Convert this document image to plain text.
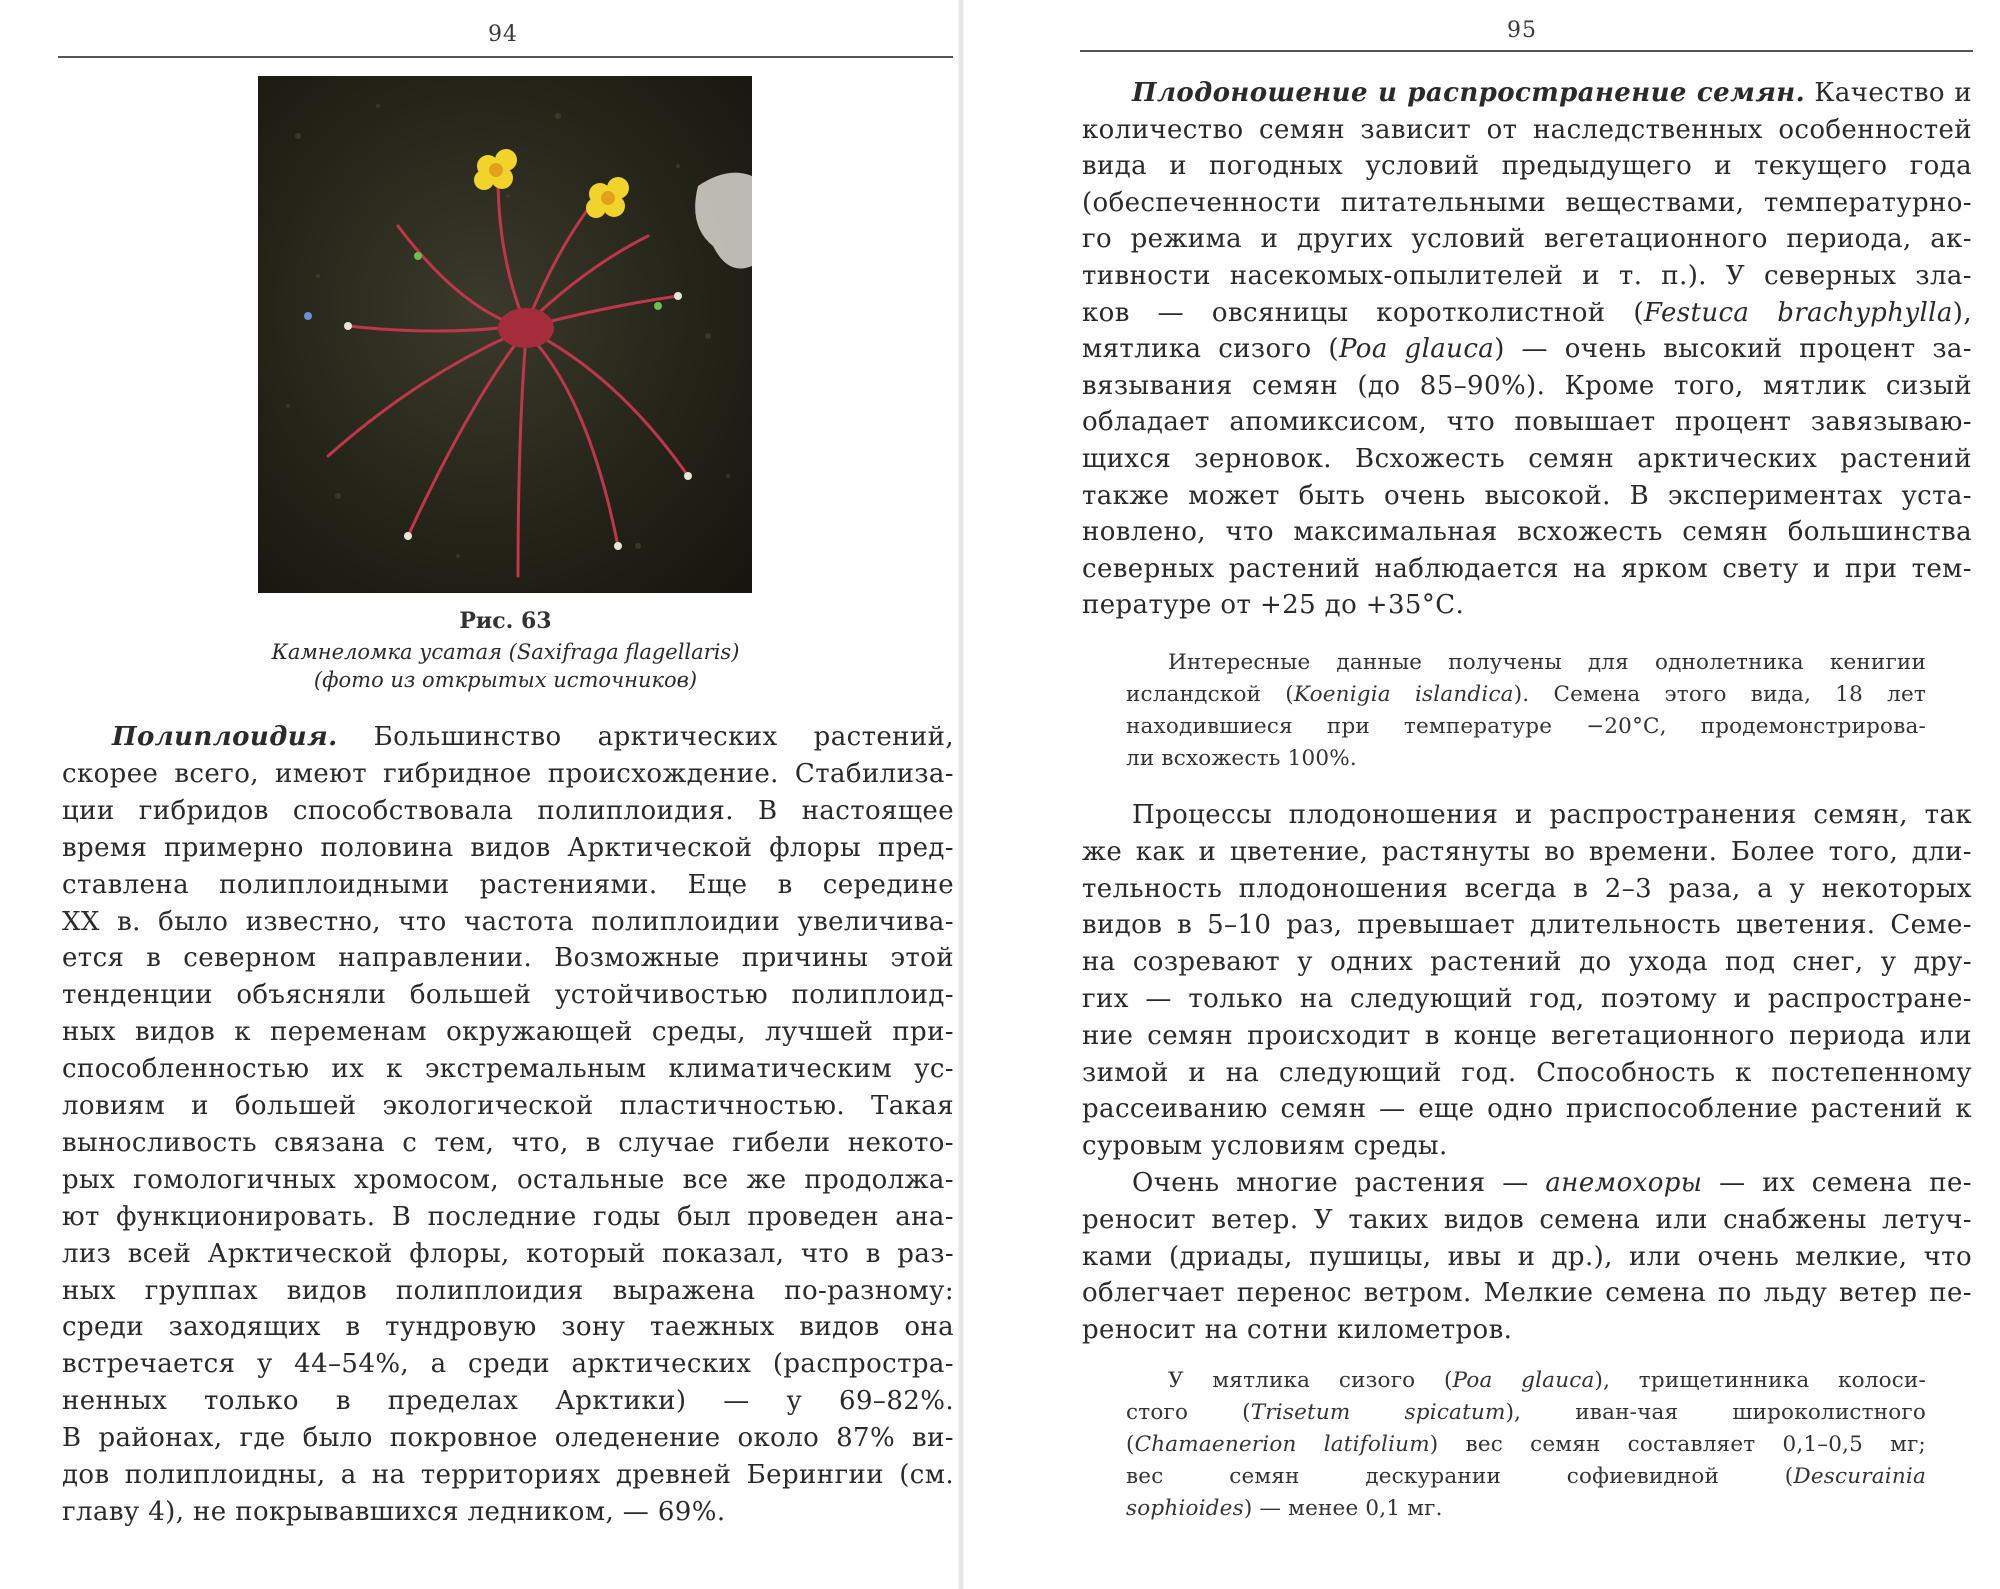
94
Рис. 63
Камнеломка усатая (Saxifraga flagellaris)
(фото из открытых источников)
Полиплоидия. Большинство арктических растений,
скорее всего, имеют гибридное происхождение. Стабилиза-
ции гибридов способствовала полиплоидия. В настоящее
время примерно половина видов Арктической флоры пред-
ставлена полиплоидными растениями. Еще в середине
XX в. было известно, что частота полиплоидии увеличива-
ется в северном направлении. Возможные причины этой
тенденции объясняли большей устойчивостью полиплоид-
ных видов к переменам окружающей среды, лучшей при-
способленностью их к экстремальным климатическим ус-
ловиям и большей экологической пластичностью. Такая
выносливость связана с тем, что, в случае гибели некото-
рых гомологичных хромосом, остальные все же продолжа-
ют функционировать. В последние годы был проведен ана-
лиз всей Арктической флоры, который показал, что в раз-
ных группах видов полиплоидия выражена по-разному:
среди заходящих в тундровую зону таежных видов она
встречается у 44–54%, а среди арктических (распростра-
ненных только в пределах Арктики) — у 69–82%.
В районах, где было покровное оледенение около 87% ви-
дов полиплоидны, а на территориях древней Берингии (см.
главу 4), не покрывавшихся ледником, — 69%.
95
Плодоношение и распространение семян. Качество и
количество семян зависит от наследственных особенностей
вида и погодных условий предыдущего и текущего года
(обеспеченности питательными веществами, температурно-
го режима и других условий вегетационного периода, ак-
тивности насекомых-опылителей и т. п.). У северных зла-
ков — овсяницы коротколистной (Festuca brachyphylla),
мятлика сизого (Poa glauca) — очень высокий процент за-
вязывания семян (до 85–90%). Кроме того, мятлик сизый
обладает апомиксисом, что повышает процент завязываю-
щихся зерновок. Всхожесть семян арктических растений
также может быть очень высокой. В экспериментах уста-
новлено, что максимальная всхожесть семян большинства
северных растений наблюдается на ярком свету и при тем-
пературе от +25 до +35°С.
Интересные данные получены для однолетника кенигии
исландской (Koenigia islandica). Семена этого вида, 18 лет
находившиеся при температуре −20°С, продемонстрирова-
ли всхожесть 100%.
Процессы плодоношения и распространения семян, так
же как и цветение, растянуты во времени. Более того, дли-
тельность плодоношения всегда в 2–3 раза, а у некоторых
видов в 5–10 раз, превышает длительность цветения. Семе-
на созревают у одних растений до ухода под снег, у дру-
гих — только на следующий год, поэтому и распростране-
ние семян происходит в конце вегетационного периода или
зимой и на следующий год. Способность к постепенному
рассеиванию семян — еще одно приспособление растений к
суровым условиям среды.
Очень многие растения — анемохоры — их семена пе-
реносит ветер. У таких видов семена или снабжены летуч-
ками (дриады, пушицы, ивы и др.), или очень мелкие, что
облегчает перенос ветром. Мелкие семена по льду ветер пе-
реносит на сотни километров.
У мятлика сизого (Poa glauca), трищетинника колоси-
стого (Trisetum spicatum), иван-чая широколистного
(Chamaenerion latifolium) вес семян составляет 0,1–0,5 мг;
вес семян дескурании софиевидной (Descurainia
sophioides) — менее 0,1 мг.
